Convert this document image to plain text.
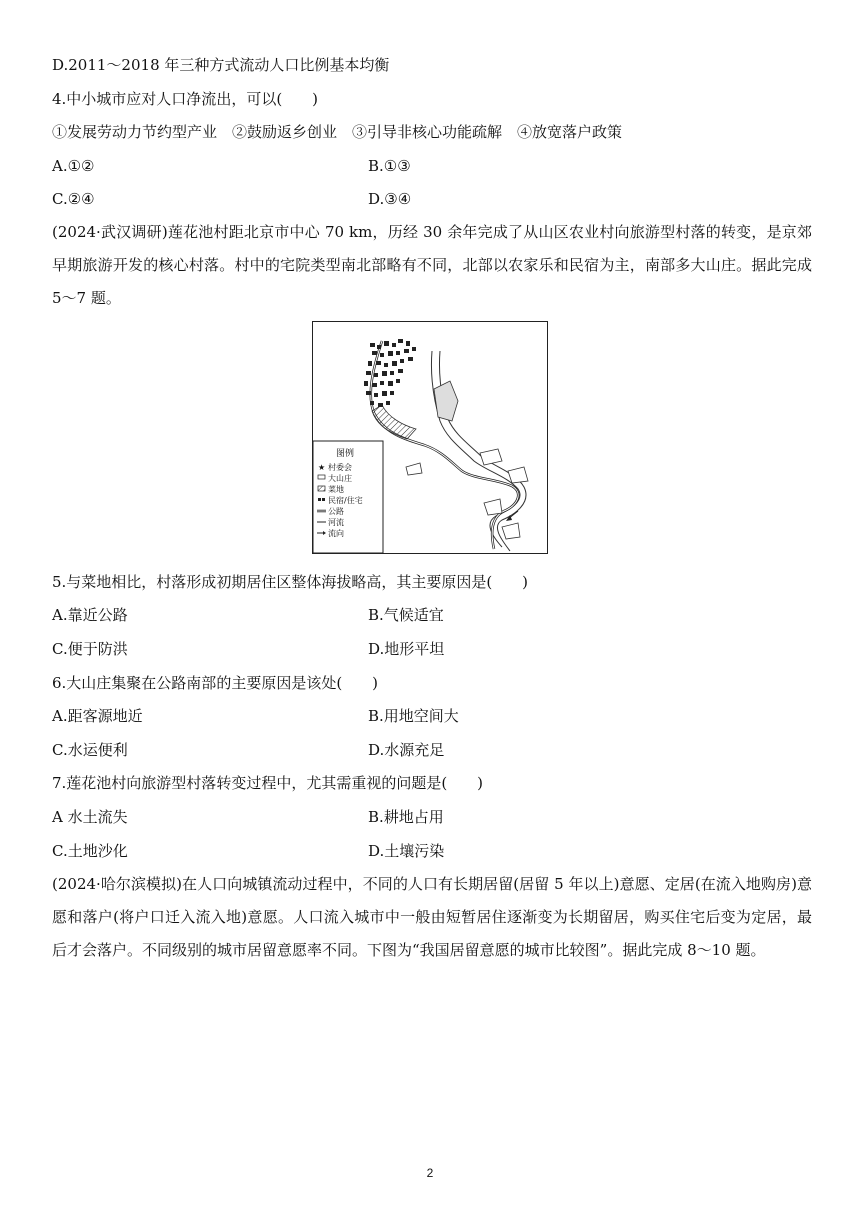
D.2011～2018 年三种方式流动人口比例基本均衡
4.中小城市应对人口净流出，可以(　　)
①发展劳动力节约型产业　②鼓励返乡创业　③引导非核心功能疏解　④放宽落户政策
A.①②	B.①③
C.②④	D.③④
(2024·武汉调研)莲花池村距北京市中心 70 km，历经 30 余年完成了从山区农业村向旅游型村落的转变，是京郊早期旅游开发的核心村落。村中的宅院类型南北部略有不同，北部以农家乐和民宿为主，南部多大山庄。据此完成 5～7 题。
图例
★ 村委会
大山庄
菜地
民宿/住宅
公路
河流
流向
5.与菜地相比，村落形成初期居住区整体海拔略高，其主要原因是(　　)
A.靠近公路	B.气候适宜
C.便于防洪	D.地形平坦
6.大山庄集聚在公路南部的主要原因是该处(　　)
A.距客源地近	B.用地空间大
C.水运便利	D.水源充足
7.莲花池村向旅游型村落转变过程中，尤其需重视的问题是(　　)
A 水土流失	B.耕地占用
C.土地沙化	D.土壤污染
(2024·哈尔滨模拟)在人口向城镇流动过程中，不同的人口有长期居留(居留 5 年以上)意愿、定居(在流入地购房)意愿和落户(将户口迁入流入地)意愿。人口流入城市中一般由短暂居住逐渐变为长期留居，购买住宅后变为定居，最后才会落户。不同级别的城市居留意愿率不同。下图为“我国居留意愿的城市比较图”。据此完成 8～10 题。
2
